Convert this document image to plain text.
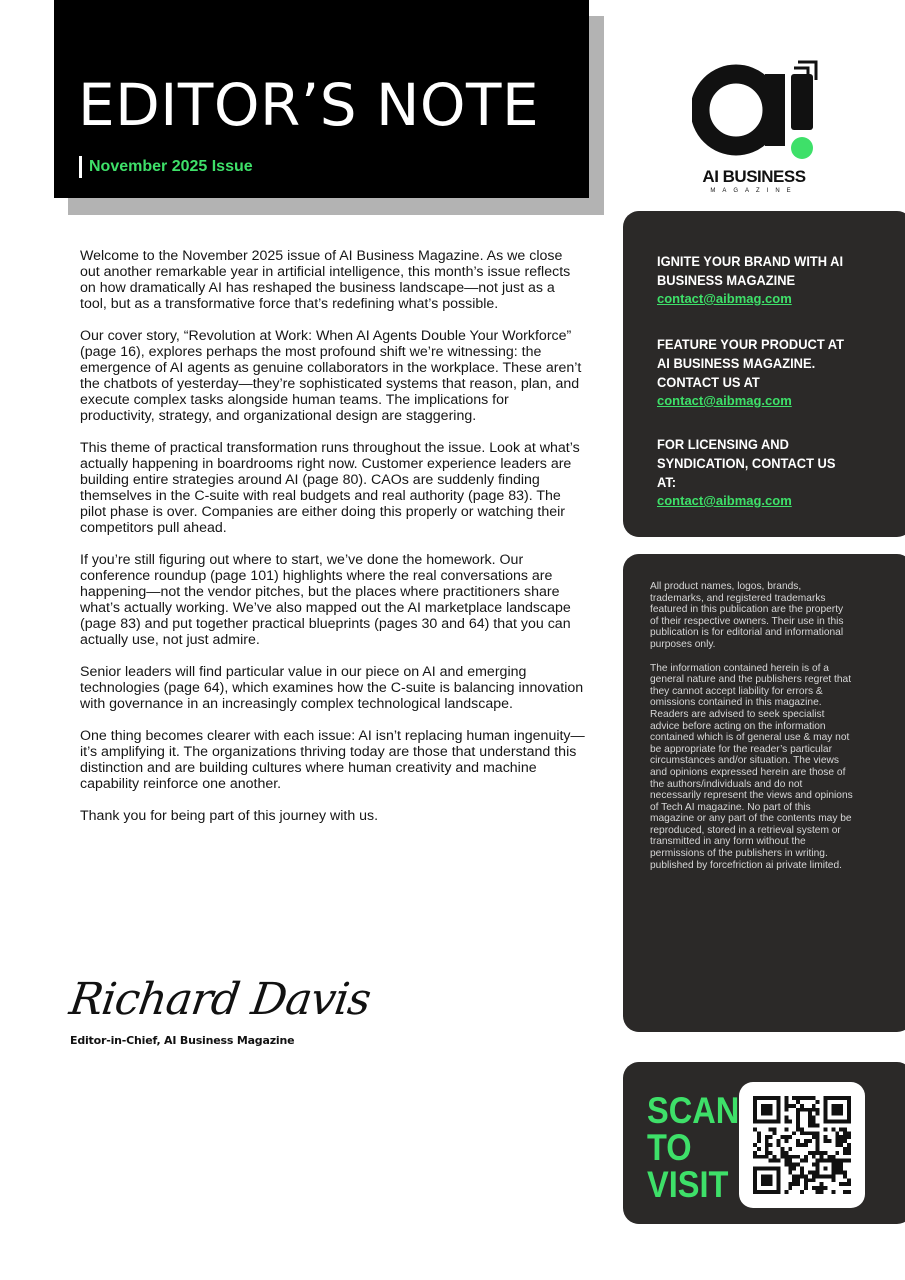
EDITOR’S NOTE
November 2025 Issue
AI BUSINESS
MAGAZINE

Welcome to the November 2025 issue of AI Business Magazine. As we close out another remarkable year in artificial intelligence, this month’s issue reflects on how dramatically AI has reshaped the business landscape—not just as a tool, but as a transformative force that’s redefining what’s possible.

Our cover story, “Revolution at Work: When AI Agents Double Your Workforce” (page 16), explores perhaps the most profound shift we’re witnessing: the emergence of AI agents as genuine collaborators in the workplace. These aren’t the chatbots of yesterday—they’re sophisticated systems that reason, plan, and execute complex tasks alongside human teams. The implications for productivity, strategy, and organizational design are staggering.

This theme of practical transformation runs throughout the issue. Look at what’s actually happening in boardrooms right now. Customer experience leaders are building entire strategies around AI (page 80). CAOs are suddenly finding themselves in the C-suite with real budgets and real authority (page 83). The pilot phase is over. Companies are either doing this properly or watching their competitors pull ahead.

If you’re still figuring out where to start, we’ve done the homework. Our conference roundup (page 101) highlights where the real conversations are happening—not the vendor pitches, but the places where practitioners share what’s actually working. We’ve also mapped out the AI marketplace landscape (page 83) and put together practical blueprints (pages 30 and 64) that you can actually use, not just admire.

Senior leaders will find particular value in our piece on AI and emerging technologies (page 64), which examines how the C-suite is balancing innovation with governance in an increasingly complex technological landscape.

One thing becomes clearer with each issue: AI isn’t replacing human ingenuity—it’s amplifying it. The organizations thriving today are those that understand this distinction and are building cultures where human creativity and machine capability reinforce one another.

Thank you for being part of this journey with us.

Richard Davis
Editor-in-Chief, AI Business Magazine
IGNITE YOUR BRAND WITH AI BUSINESS MAGAZINE
contact@aibmag.com
FEATURE YOUR PRODUCT AT AI BUSINESS MAGAZINE. CONTACT US AT
contact@aibmag.com
FOR LICENSING AND SYNDICATION, CONTACT US AT:
contact@aibmag.com

All product names, logos, brands, trademarks, and registered trademarks featured in this publication are the property of their respective owners. Their use in this publication is for editorial and informational purposes only.

The information contained herein is of a general nature and the publishers regret that they cannot accept liability for errors & omissions contained in this magazine. Readers are advised to seek specialist advice before acting on the information contained which is of general use & may not be appropriate for the reader’s particular circumstances and/or situation. The views and opinions expressed herein are those of the authors/individuals and do not necessarily represent the views and opinions of Tech AI magazine. No part of this magazine or any part of the contents may be reproduced, stored in a retrieval system or transmitted in any form without the permissions of the publishers in writing. published by forcefriction ai private limited.

SCAN
TO
VISIT
